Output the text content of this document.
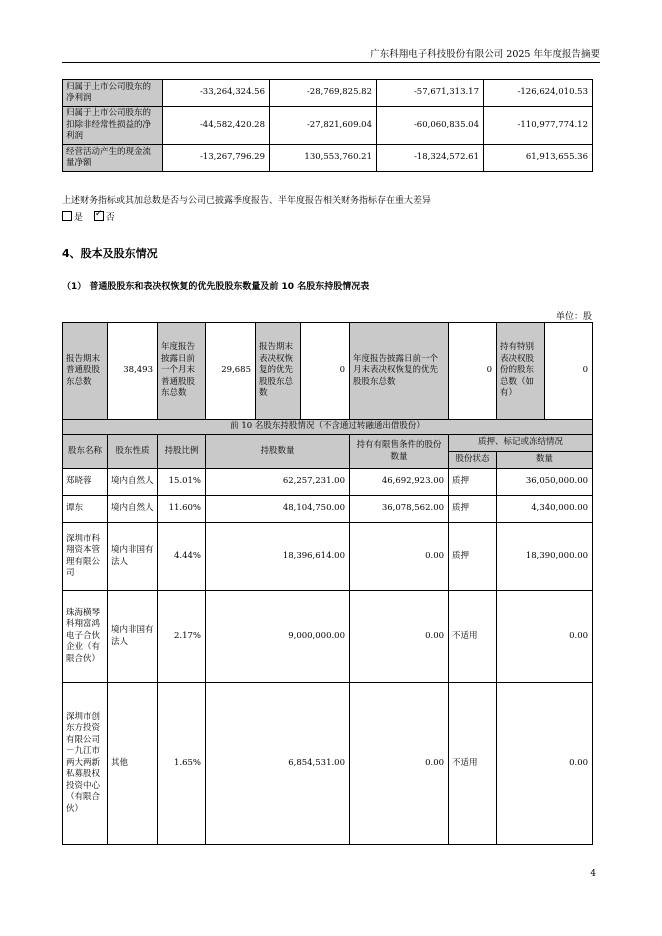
广东科翔电子科技股份有限公司 2025 年年度报告摘要
归属于上市公司股东的净利润	-33,264,324.56	-28,769,825.82	-57,671,313.17	-126,624,010.53
归属于上市公司股东的扣除非经常性损益的净利润	-44,582,420.28	-27,821,609.04	-60,060,835.04	-110,977,774.12
经营活动产生的现金流量净额	-13,267,796.29	130,553,760.21	-18,324,572.61	61,913,655.36
上述财务指标或其加总数是否与公司已披露季度报告、半年度报告相关财务指标存在重大差异
是 ✓	否
4、股本及股东情况
（1） 普通股股东和表决权恢复的优先股股东数量及前 10 名股东持股情况表
单位：股
报告期末普通股股东总数	38,493	年度报告披露日前一个月末普通股股东总数	29,685	报告期末表决权恢复的优先股股东总数	0	年度报告披露日前一个月末表决权恢复的优先股股东总数	0	持有特别表决权股份的股东总数（如有）	0
前 10 名股东持股情况（不含通过转融通出借股份）									
股东名称	股东性质	持股比例	持股数量			持有有限售条件的股份数量	质押、标记或冻结情况		
							股份状态	数量	
郑晓蓉	境内自然人	15.01%	62,257,231.00			46,692,923.00	质押	36,050,000.00	
谭东	境内自然人	11.60%	48,104,750.00			36,078,562.00	质押	4,340,000.00	
深圳市科翔资本管理有限公司	境内非国有法人	4.44%	18,396,614.00			0.00	质押	18,390,000.00	
珠海横琴科翔富鸿电子合伙企业（有限合伙）	境内非国有法人	2.17%	9,000,000.00			0.00	不适用	0.00	
深圳市创东方投资有限公司－九江市两大两新私募股权投资中心（有限合伙）	其他	1.65%	6,854,531.00			0.00	不适用	0.00	
4
